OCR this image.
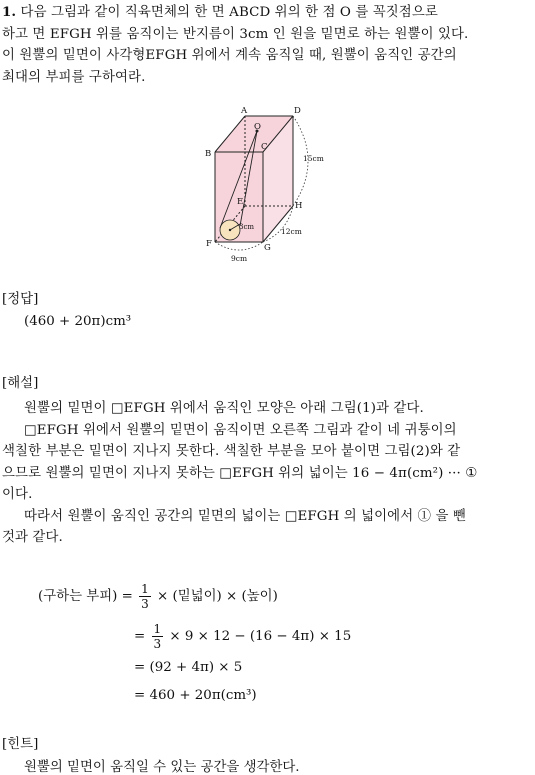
1. 다음 그림과 같이 직육면체의 한 면 ABCD 위의 한 점 O 를 꼭짓점으로
하고 면 EFGH 위를 움직이는 반지름이 3cm 인 원을 밑면로 하는 원뿔이 있다.
이 원뿔의 밑면이 사각형EFGH 위에서 계속 움직일 때, 원뿔이 움직인 공간의
최대의 부피를 구하여라.
A	D
B
C
O
E	H
F	G
15cm
12cm
9cm
3cm
[정답]
(460 + 20π)cm³
[해설]
원뿔의 밑면이 □EFGH 위에서 움직인 모양은 아래 그림(1)과 같다.
□EFGH 위에서 원뿔의 밑면이 움직이면 오른쪽 그림과 같이 네 귀퉁이의
색칠한 부분은 밑면이 지나지 못한다. 색칠한 부분을 모아 붙이면 그림(2)와 같
으므로 원뿔의 밑면이 지나지 못하는 □EFGH 위의 넓이는 16 − 4π(cm²) ··· ①
이다.
따라서 원뿔이 움직인 공간의 밑면의 넓이는 □EFGH 의 넓이에서 ① 을 뺀
것과 같다.
(구하는 부피) = $\frac{1}{3}$ × (밑넓이) × (높이)
= $\frac{1}{3} \times 9 \times 12 - (16 - 4\pi) \times 15$
= (92 + 4π) × 5
= 460 + 20π(cm³)
[힌트]
원뿔의 밑면이 움직일 수 있는 공간을 생각한다.
